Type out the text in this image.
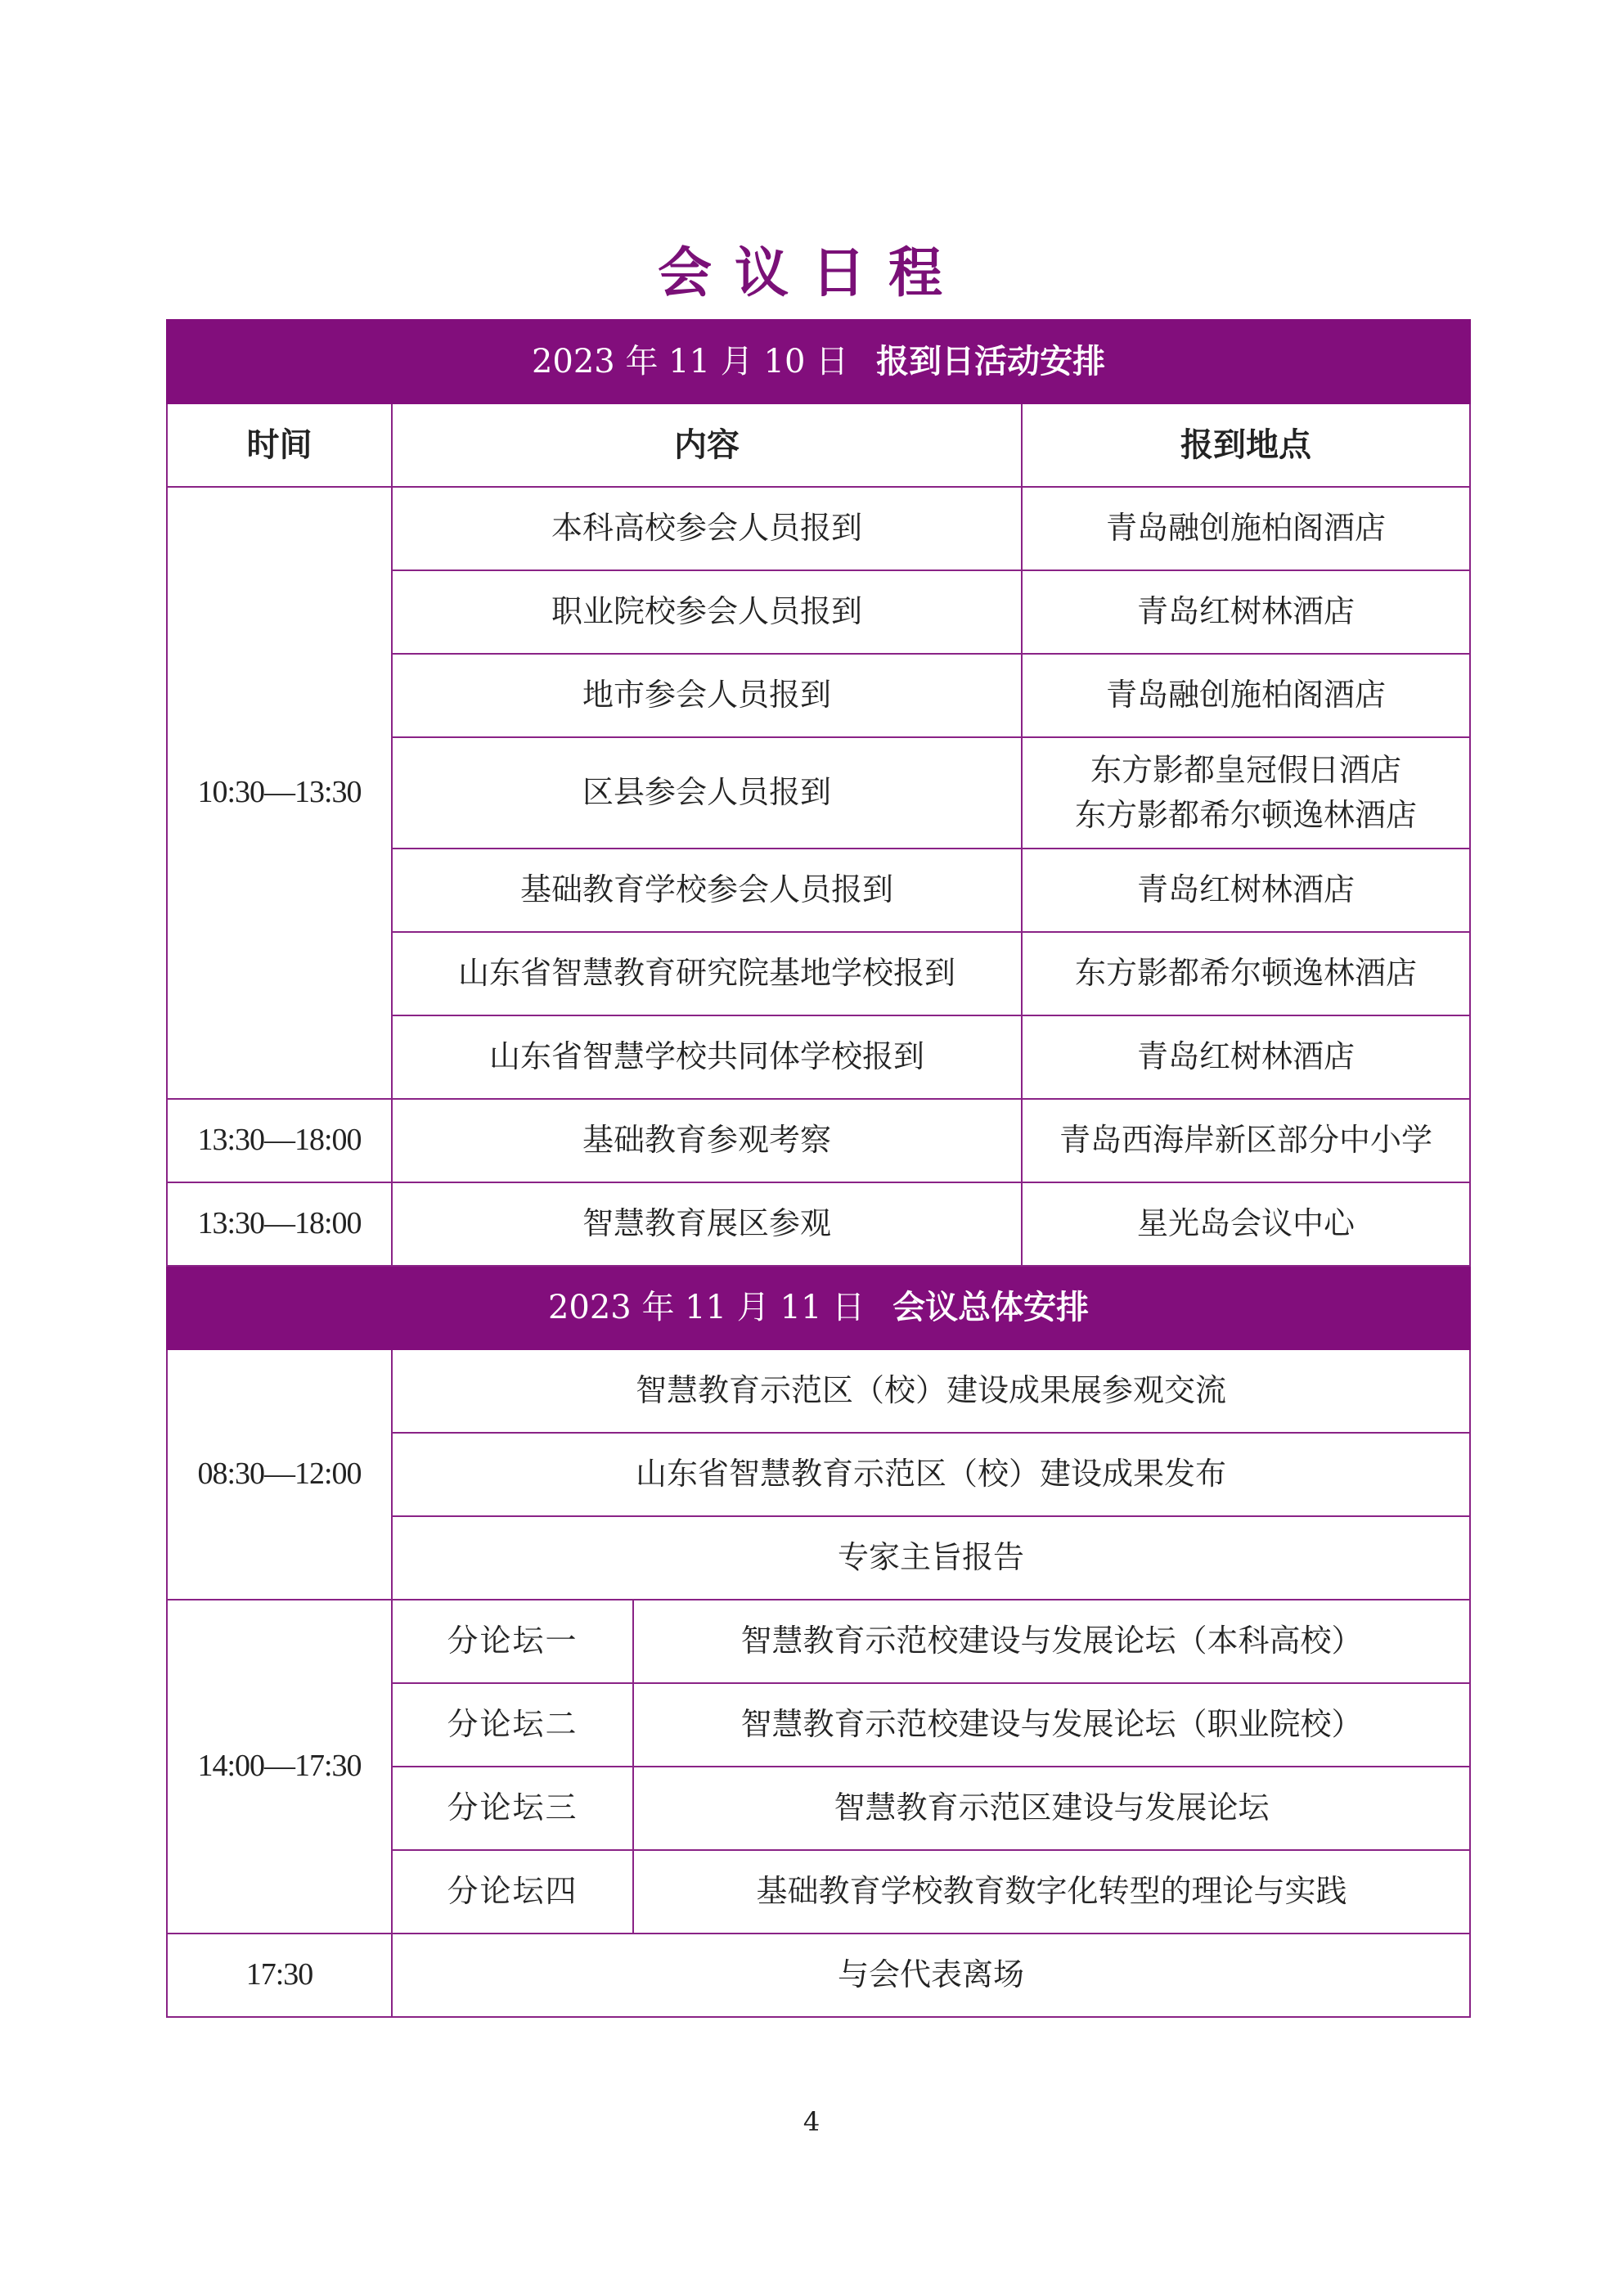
会议日程
2023 年 11 月 10 日 报到日活动安排			
时间	内容		报到地点
10:30—13:30	本科高校参会人员报到		青岛融创施柏阁酒店
	职业院校参会人员报到		青岛红树林酒店
	地市参会人员报到		青岛融创施柏阁酒店
	区县参会人员报到		东方影都皇冠假日酒店
东方影都希尔顿逸林酒店

	基础教育学校参会人员报到		青岛红树林酒店
	山东省智慧教育研究院基地学校报到		东方影都希尔顿逸林酒店
	山东省智慧学校共同体学校报到		青岛红树林酒店
13:30—18:00	基础教育参观考察		青岛西海岸新区部分中小学
13:30—18:00	智慧教育展区参观		星光岛会议中心
2023 年 11 月 11 日 会议总体安排			
08:30—12:00	智慧教育示范区（校）建设成果展参观交流		
	山东省智慧教育示范区（校）建设成果发布		
	专家主旨报告		
14:00—17:30	分论坛一	智慧教育示范校建设与发展论坛（本科高校）	
	分论坛二	智慧教育示范校建设与发展论坛（职业院校）	
	分论坛三	智慧教育示范区建设与发展论坛	
	分论坛四	基础教育学校教育数字化转型的理论与实践	
17:30	与会代表离场		
4
